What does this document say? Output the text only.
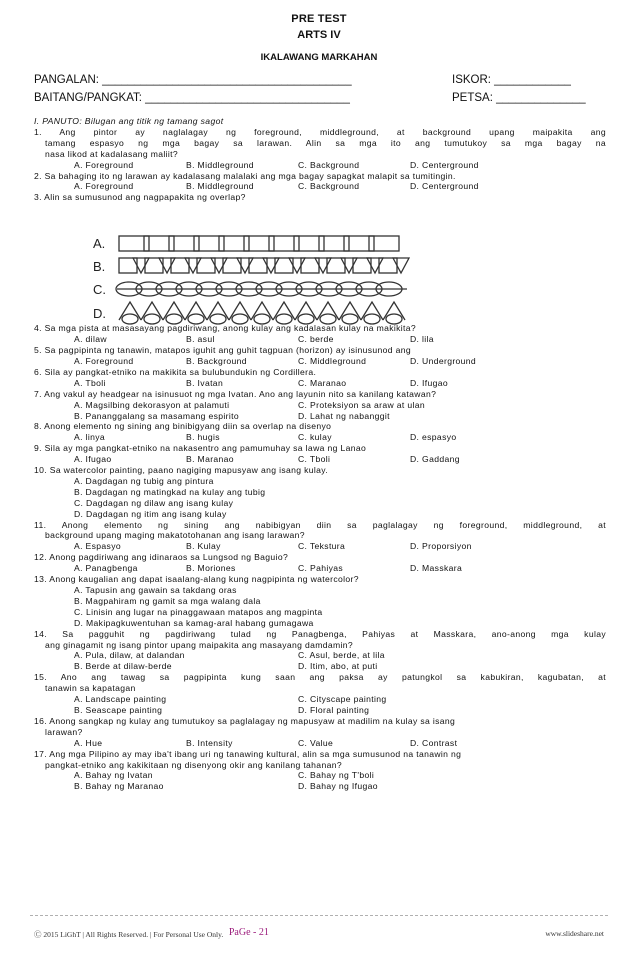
PRE TEST
ARTS IV
IKALAWANG MARKAHAN
PANGALAN: _______________________________________	ISKOR: ____________
BAITANG/PANGKAT: ________________________________	PETSA: ______________
I. PANUTO: Bilugan ang titik ng tamang sagot
1. Ang pintor ay naglalagay ng foreground, middleground, at background upang maipakita ang
tamang espasyo ng mga bagay sa larawan. Alin sa mga ito ang tumutukoy sa mga bagay na
nasa likod at kadalasang maliit?
A. Foreground	B. Middleground	C. Background	D. Centerground
2. Sa bahaging ito ng larawan ay kadalasang malalaki ang mga bagay sapagkat malapit sa tumitingin.
A. Foreground	B. Middleground	C. Background	D. Centerground
3. Alin sa sumusunod ang nagpapakita ng overlap?
4. Sa mga pista at masasayang pagdiriwang, anong kulay ang kadalasan kulay na makikita?
A. dilaw	B. asul	C. berde	D. lila
5. Sa pagpipinta ng tanawin, matapos iguhit ang guhit tagpuan (horizon) ay isinusunod ang
A. Foreground	B. Background	C. Middleground	D. Underground
6. Sila ay pangkat-etniko na makikita sa bulubundukin ng Cordillera.
A. Tboli	B. Ivatan	C. Maranao	D. Ifugao
7. Ang vakul ay headgear na isinusuot ng mga Ivatan. Ano ang layunin nito sa kanilang katawan?
A. Magsilbing dekorasyon at palamuti	C. Proteksiyon sa araw at ulan
B. Pananggalang sa masamang espirito	D. Lahat ng nabanggit
8. Anong elemento ng sining ang binibigyang diin sa overlap na disenyo
A. linya	B. hugis	C. kulay	D. espasyo
9. Sila ay mga pangkat-etniko na nakasentro ang pamumuhay sa lawa ng Lanao
A. Ifugao	B. Maranao	C. Tboli	D. Gaddang
10. Sa watercolor painting, paano nagiging mapusyaw ang isang kulay.
A. Dagdagan ng tubig ang pintura
B. Dagdagan ng matingkad na kulay ang tubig
C. Dagdagan ng dilaw ang isang kulay
D. Dagdagan ng itim ang isang kulay
11. Anong elemento ng sining ang nabibigyan diin sa paglalagay ng foreground, middleground, at
background upang maging makatotohanan ang isang larawan?
A. Espasyo	B. Kulay	C. Tekstura	D. Proporsiyon
12. Anong pagdiriwang ang idinaraos sa Lungsod ng Baguio?
A. Panagbenga	B. Moriones	C. Pahiyas	D. Masskara
13. Anong kaugalian ang dapat isaalang-alang kung nagpipinta ng watercolor?
A. Tapusin ang gawain sa takdang oras
B. Magpahiram ng gamit sa mga walang dala
C. Linisin ang lugar na pinaggawaan matapos ang magpinta
D. Makipagkuwentuhan sa kamag-aral habang gumagawa
14. Sa pagguhit ng pagdiriwang tulad ng Panagbenga, Pahiyas at Masskara, ano-anong mga kulay
ang ginagamit ng isang pintor upang maipakita ang masayang damdamin?
A. Pula, dilaw, at dalandan	C. Asul, berde, at lila
B. Berde at dilaw-berde	D. Itim, abo, at puti
15. Ano ang tawag sa pagpipinta kung saan ang paksa ay patungkol sa kabukiran, kagubatan, at
tanawin sa kapatagan
A. Landscape painting	C. Cityscape painting
B. Seascape painting	D. Floral painting
16. Anong sangkap ng kulay ang tumutukoy sa paglalagay ng mapusyaw at madilim na kulay sa isang
larawan?
A. Hue	B. Intensity	C. Value	D. Contrast
17. Ang mga Pilipino ay may iba't ibang uri ng tanawing kultural, alin sa mga sumusunod na tanawin ng
pangkat-etniko ang kakikitaan ng disenyong okir ang kanilang tahanan?
A. Bahay ng Ivatan	C. Bahay ng T'boli
B. Bahay ng Maranao	D. Bahay ng Ifugao
A.
B.
C.
D.
Ⓒ 2015 LiGhT | All Rights Reserved. | For Personal Use Only. PaGe - 21	www.slideshare.net
